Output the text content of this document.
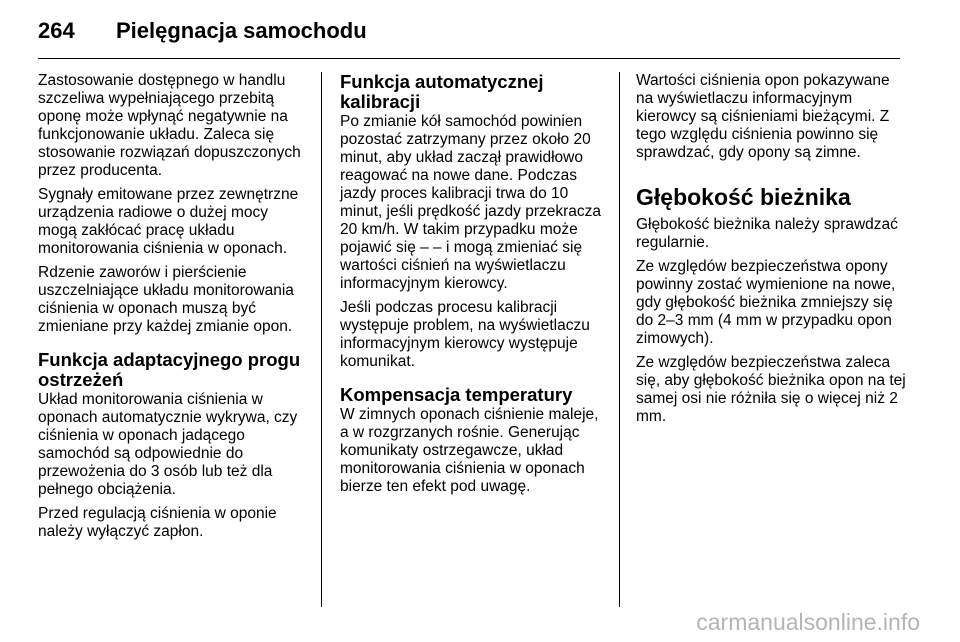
264 Pielęgnacja samochodu

Zastosowanie dostępnego w handlu szczeliwa wypełniającego przebitą oponę może wpłynąć negatywnie na funkcjonowanie układu. Zaleca się stosowanie rozwiązań dopuszczonych przez producenta.

Sygnały emitowane przez zewnętrzne urządzenia radiowe o dużej mocy mogą zakłócać pracę układu monitorowania ciśnienia w oponach.

Rdzenie zaworów i pierścienie uszczelniające układu monitorowania ciśnienia w oponach muszą być zmieniane przy każdej zmianie opon.

Funkcja adaptacyjnego progu ostrzeżeń

Układ monitorowania ciśnienia w oponach automatycznie wykrywa, czy ciśnienia w oponach jadącego samochód są odpowiednie do przewożenia do 3 osób lub też dla pełnego obciążenia.

Przed regulacją ciśnienia w oponie należy wyłączyć zapłon.

Funkcja automatycznej kalibracji

Po zmianie kół samochód powinien pozostać zatrzymany przez około 20 minut, aby układ zaczął prawidłowo reagować na nowe dane. Podczas jazdy proces kalibracji trwa do 10 minut, jeśli prędkość jazdy przekracza 20 km/h. W takim przypadku może pojawić się – – i mogą zmieniać się wartości ciśnień na wyświetlaczu informacyjnym kierowcy.

Jeśli podczas procesu kalibracji występuje problem, na wyświetlaczu informacyjnym kierowcy występuje komunikat.

Kompensacja temperatury

W zimnych oponach ciśnienie maleje, a w rozgrzanych rośnie. Generując komunikaty ostrzegawcze, układ monitorowania ciśnienia w oponach bierze ten efekt pod uwagę.

Wartości ciśnienia opon pokazywane na wyświetlaczu informacyjnym kierowcy są ciśnieniami bieżącymi. Z tego względu ciśnienia powinno się sprawdzać, gdy opony są zimne.

Głębokość bieżnika

Głębokość bieżnika należy sprawdzać regularnie.

Ze względów bezpieczeństwa opony powinny zostać wymienione na nowe, gdy głębokość bieżnika zmniejszy się do 2–3 mm (4 mm w przypadku opon zimowych).

Ze względów bezpieczeństwa zaleca się, aby głębokość bieżnika opon na tej samej osi nie różniła się o więcej niż 2 mm.

carmanualsonline.info
